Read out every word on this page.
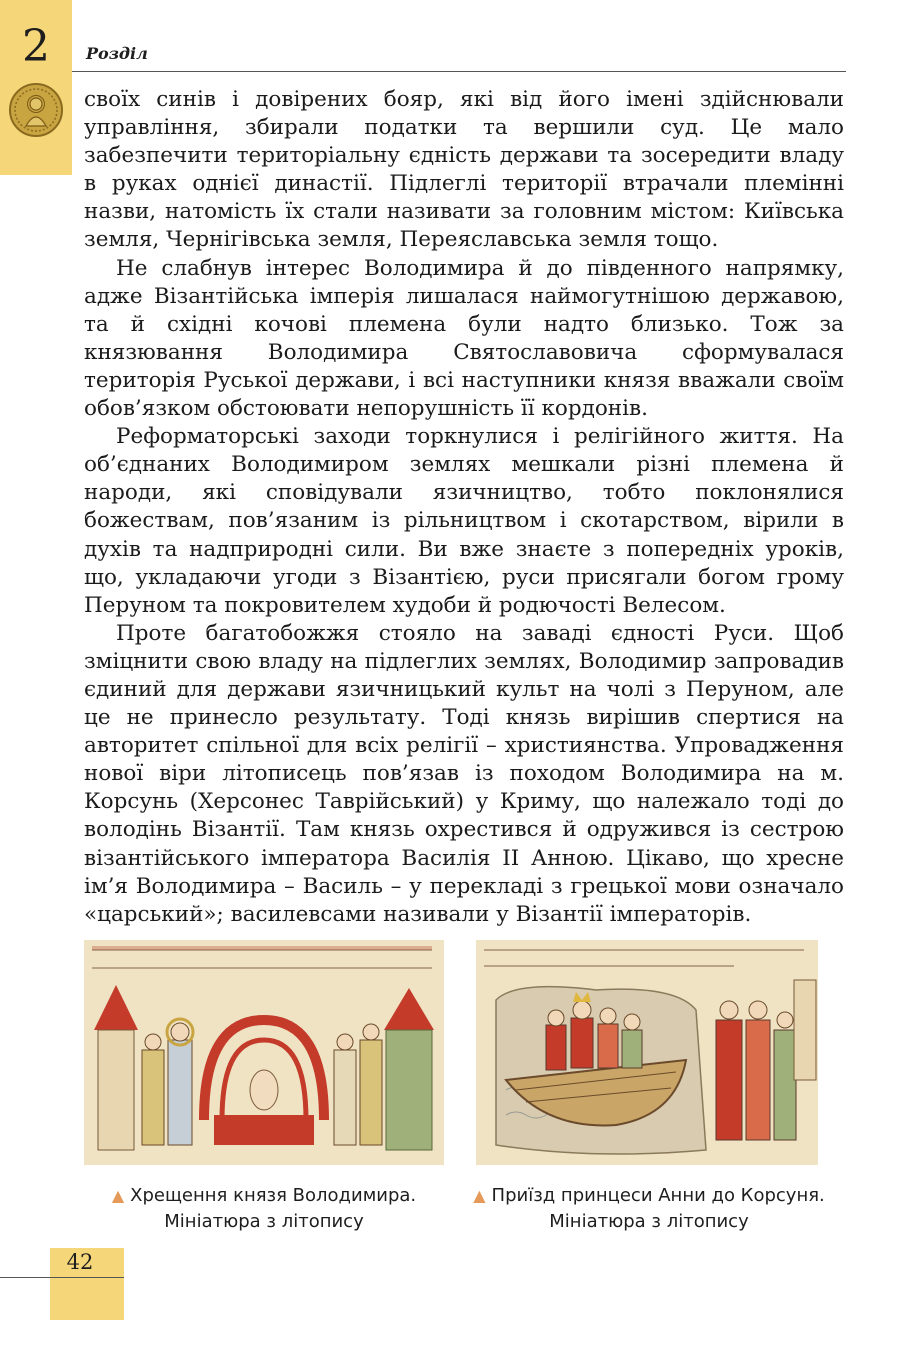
2	Розділ

своїх синів і довірених бояр, які від його імені здійснювали управління, збирали податки та вершили суд. Це мало забезпечити територіальну єдність держави та зосередити владу в руках однієї династії. Підлеглі території втрачали племінні назви, натомість їх стали називати за головним містом: Київська земля, Чернігівська земля, Переяславська земля тощо.

Не слабнув інтерес Володимира й до південного напрямку, адже Візантійська імперія лишалася наймогутнішою державою, та й східні кочові племена були надто близько. Тож за князювання Володимира Святославовича сформувалася територія Руської держави, і всі наступники князя вважали своїм обов’язком обстоювати непорушність її кордонів.

Реформаторські заходи торкнулися і релігійного життя. На об’єднаних Володимиром землях мешкали різні племена й народи, які сповідували язичництво, тобто поклонялися божествам, пов’язаним із рільництвом і скотарством, вірили в духів та надприродні сили. Ви вже знаєте з попередніх уроків, що, укладаючи угоди з Візантією, руси присягали богом грому Перуном та покровителем худоби й родючості Велесом.

Проте багатобожжя стояло на заваді єдності Руси. Щоб зміцнити свою владу на підлеглих землях, Володимир запровадив єдиний для держави язичницький культ на чолі з Перуном, але це не принесло результату. Тоді князь вирішив спертися на авторитет спільної для всіх релігії – християнства. Упровадження нової віри літописець пов’язав із походом Володимира на м. Корсунь (Херсонес Таврійський) у Криму, що належало тоді до володінь Візантії. Там князь охрестився й одружився із сестрою візантійського імператора Василія ІІ Анною. Цікаво, що хресне ім’я Володимира – Василь – у перекладі з грецької мови означало «царський»; василевсами називали у Візантії імператорів.

▲ Хрещення князя Володимира.
Мініатюра з літопису
▲ Приїзд принцеси Анни до Корсуня.
Мініатюра з літопису
42
